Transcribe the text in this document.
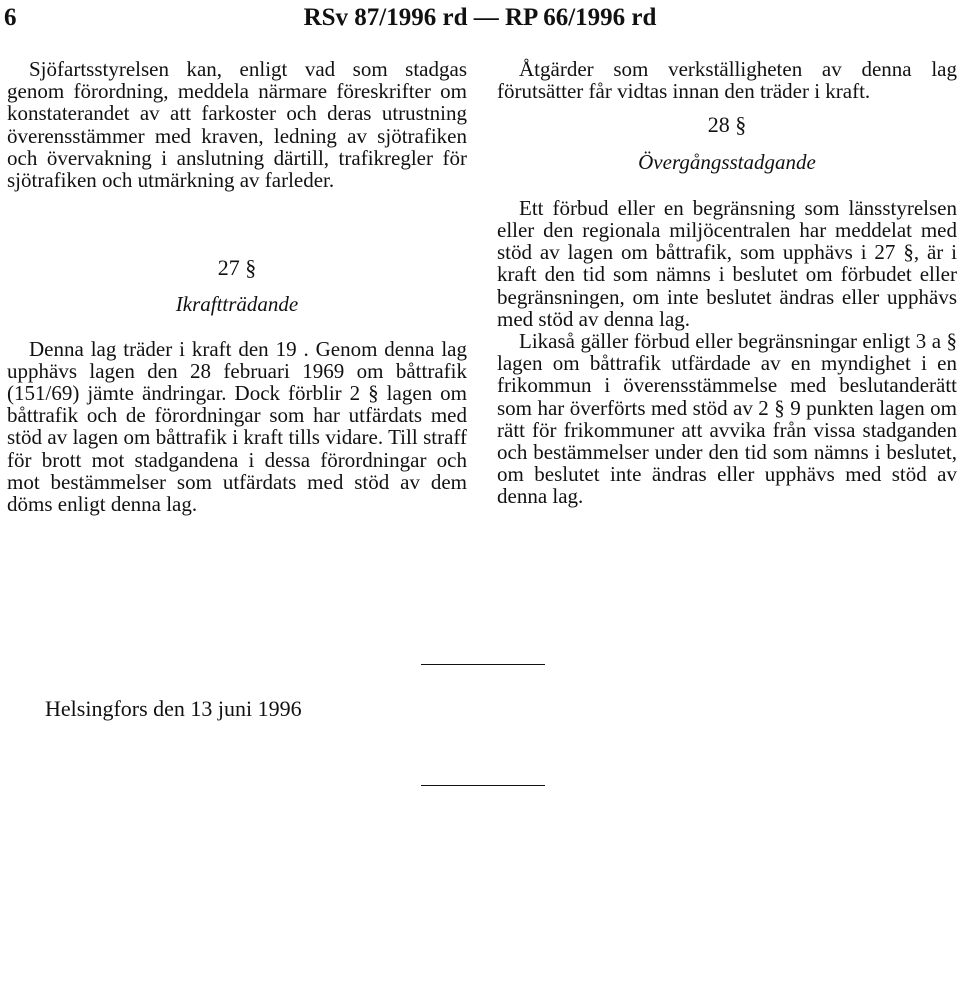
6	RSv 87/1996 rd — RP 66/1996 rd

Sjöfartsstyrelsen kan, enligt vad som stadgas genom förordning, meddela närmare föreskrifter om konstaterandet av att farkoster och deras utrustning överensstämmer med kraven, ledning av sjötrafiken och övervakning i anslutning därtill, trafikregler för sjötrafiken och utmärkning av farleder.

27 §

Ikraftträdande

Denna lag träder i kraft den 19 . Genom denna lag upphävs lagen den 28 februari 1969 om båttrafik (151/69) jämte ändringar. Dock förblir 2 § lagen om båttrafik och de förordningar som har utfärdats med stöd av lagen om båttrafik i kraft tills vidare. Till straff för brott mot stadgandena i dessa förordningar och mot bestämmelser som utfärdats med stöd av dem döms enligt denna lag.

Åtgärder som verkställigheten av denna lag förutsätter får vidtas innan den träder i kraft.

28 §

Övergångsstadgande

Ett förbud eller en begränsning som länsstyrelsen eller den regionala miljöcentralen har meddelat med stöd av lagen om båttrafik, som upphävs i 27 §, är i kraft den tid som nämns i beslutet om förbudet eller begränsningen, om inte beslutet ändras eller upphävs med stöd av denna lag.

Likaså gäller förbud eller begränsningar enligt 3 a § lagen om båttrafik utfärdade av en myndighet i en frikommun i överensstämmelse med beslutanderätt som har överförts med stöd av 2 § 9 punkten lagen om rätt för frikommuner att avvika från vissa stadganden och bestämmelser under den tid som nämns i beslutet, om beslutet inte ändras eller upphävs med stöd av denna lag.

Helsingfors den 13 juni 1996
